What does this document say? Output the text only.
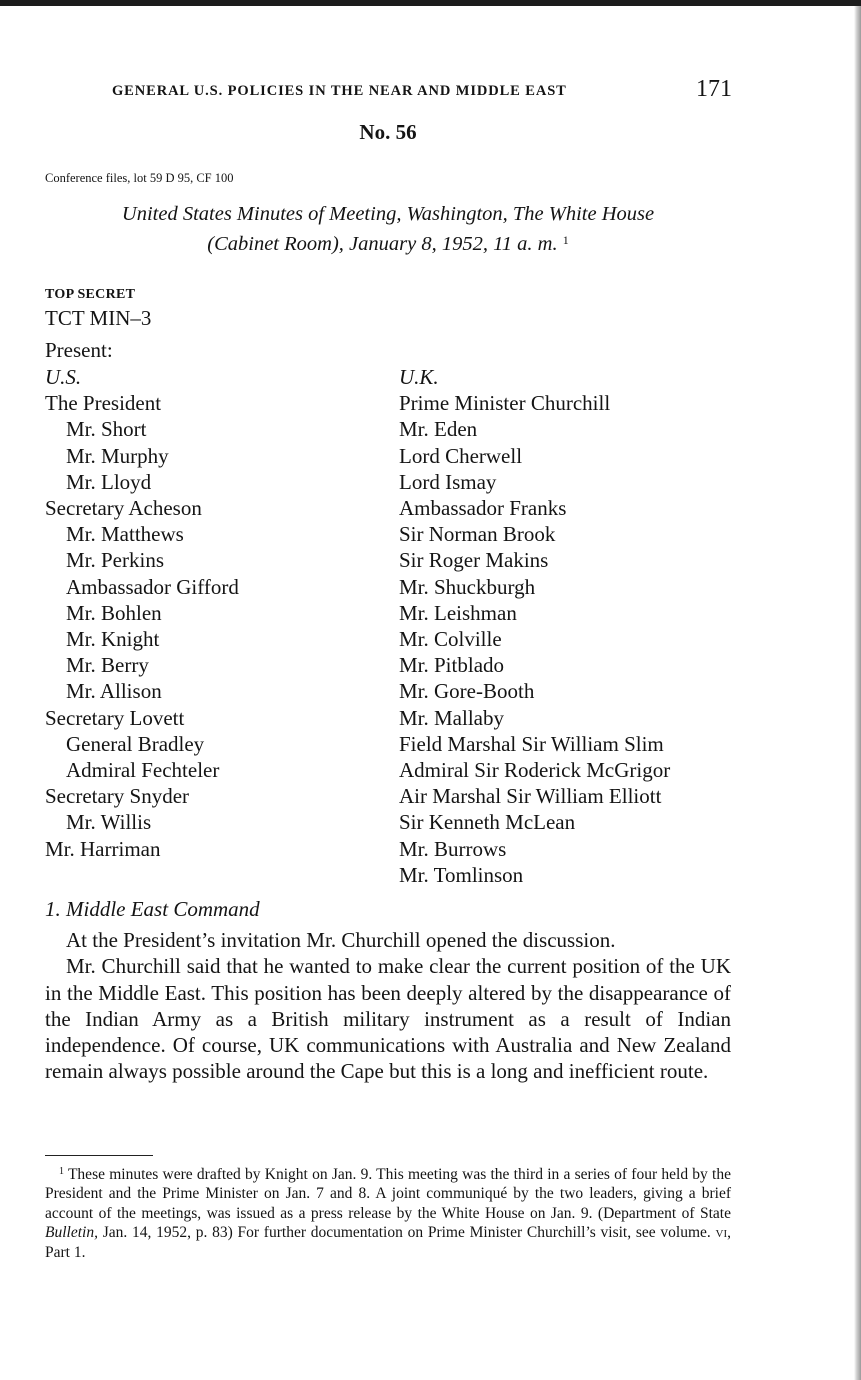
GENERAL U.S. POLICIES IN THE NEAR AND MIDDLE EAST	171
No. 56
Conference files, lot 59 D 95, CF 100
United States Minutes of Meeting, Washington, The White House
(Cabinet Room), January 8, 1952, 11 a. m. $^1$
TOP SECRET
TCT MIN–3
Present:
U.S.
The President
Mr. Short
Mr. Murphy
Mr. Lloyd
Secretary Acheson
Mr. Matthews
Mr. Perkins
Ambassador Gifford
Mr. Bohlen
Mr. Knight
Mr. Berry
Mr. Allison
Secretary Lovett
General Bradley
Admiral Fechteler
Secretary Snyder
Mr. Willis
Mr. Harriman
U.K.
Prime Minister Churchill
Mr. Eden
Lord Cherwell
Lord Ismay
Ambassador Franks
Sir Norman Brook
Sir Roger Makins
Mr. Shuckburgh
Mr. Leishman
Mr. Colville
Mr. Pitblado
Mr. Gore-Booth
Mr. Mallaby
Field Marshal Sir William Slim
Admiral Sir Roderick McGrigor
Air Marshal Sir William Elliott
Sir Kenneth McLean
Mr. Burrows
Mr. Tomlinson
1. Middle East Command

At the President’s invitation Mr. Churchill opened the discussion.

Mr. Churchill said that he wanted to make clear the current position of the UK in the Middle East. This position has been deeply altered by the disappearance of the Indian Army as a British military instrument as a result of Indian independence. Of course, UK communications with Australia and New Zealand remain always possible around the Cape but this is a long and inefficient route.

$^1$ These minutes were drafted by Knight on Jan. 9. This meeting was the third in a series of four held by the President and the Prime Minister on Jan. 7 and 8. A joint communiqué by the two leaders, giving a brief account of the meetings, was issued as a press release by the White House on Jan. 9. (Department of State Bulletin, Jan. 14, 1952, p. 83) For further documentation on Prime Minister Churchill’s visit, see volume. vi, Part 1.
